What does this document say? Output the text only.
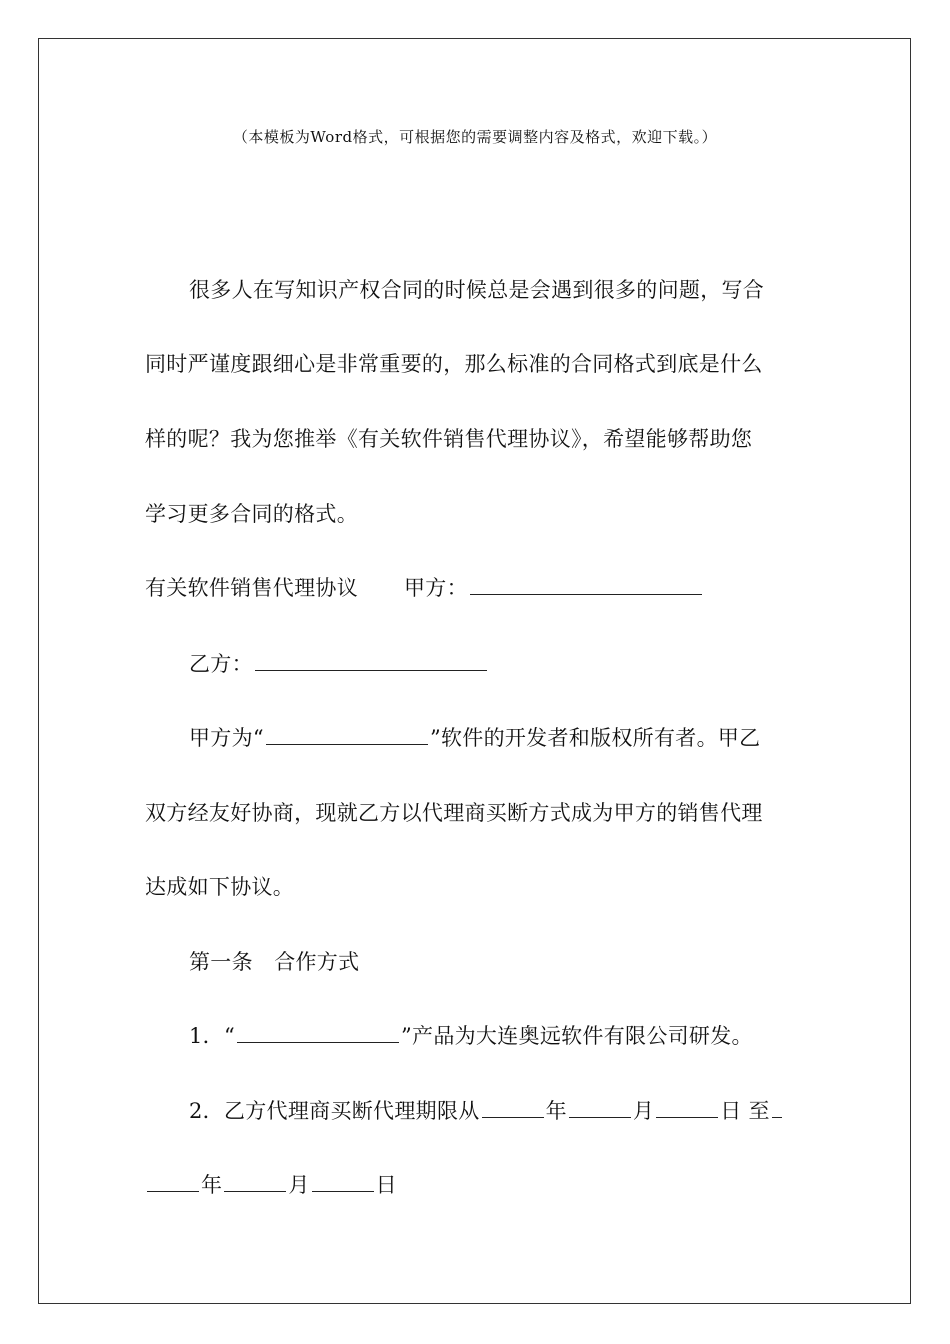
（本模板为Word格式，可根据您的需要调整内容及格式，欢迎下载。）
很多人在写知识产权合同的时候总是会遇到很多的问题，写合
同时严谨度跟细心是非常重要的，那么标准的合同格式到底是什么
样的呢？我为您推举《有关软件销售代理协议》，希望能够帮助您
学习更多合同的格式。
有关软件销售代理协议 甲方：
乙方：
甲方为“	”软件的开发者和版权所有者。甲乙
双方经友好协商，现就乙方以代理商买断方式成为甲方的销售代理
达成如下协议。
第一条　合作方式
1．“	”产品为大连奥远软件有限公司研发。
2．乙方代理商买断代理期限从	年	月	日 至
年	月	日
